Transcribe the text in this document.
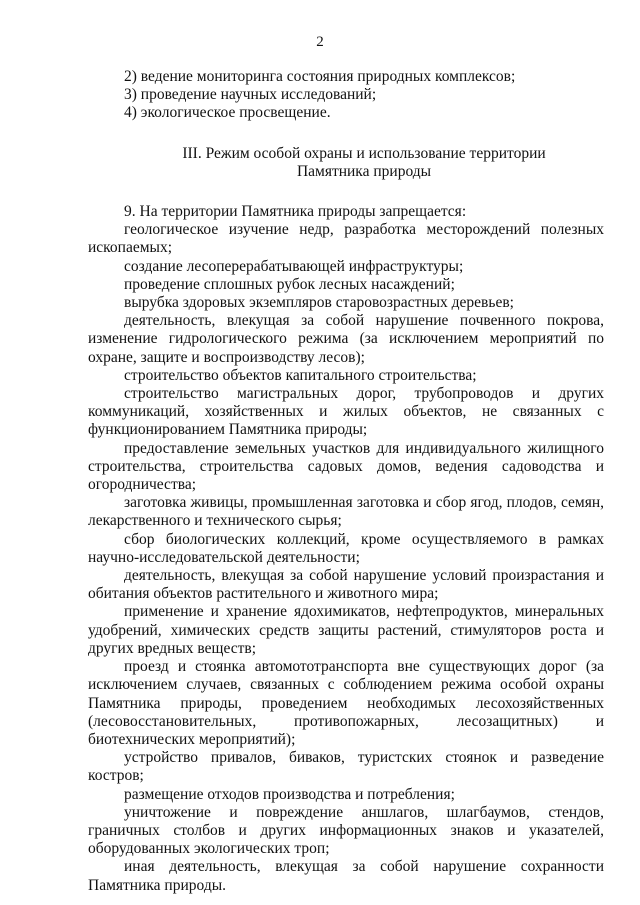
2

2) ведение мониторинга состояния природных комплексов;

3) проведение научных исследований;

4) экологическое просвещение.

III. Режим особой охраны и использование территории
Памятника природы

9. На территории Памятника природы запрещается:

геологическое изучение недр, разработка месторождений полезных ископаемых;

создание лесоперерабатывающей инфраструктуры;

проведение сплошных рубок лесных насаждений;

вырубка здоровых экземпляров старовозрастных деревьев;

деятельность, влекущая за собой нарушение почвенного покрова, изменение гидрологического режима (за исключением мероприятий по охране, защите и воспроизводству лесов);

строительство объектов капитального строительства;

строительство магистральных дорог, трубопроводов и других коммуникаций, хозяйственных и жилых объектов, не связанных с функционированием Памятника природы;

предоставление земельных участков для индивидуального жилищного строительства, строительства садовых домов, ведения садоводства и огородничества;

заготовка живицы, промышленная заготовка и сбор ягод, плодов, семян, лекарственного и технического сырья;

сбор биологических коллекций, кроме осуществляемого в рамках научно-исследовательской деятельности;

деятельность, влекущая за собой нарушение условий произрастания и обитания объектов растительного и животного мира;

применение и хранение ядохимикатов, нефтепродуктов, минеральных удобрений, химических средств защиты растений, стимуляторов роста и других вредных веществ;

проезд и стоянка автомототранспорта вне существующих дорог (за исключением случаев, связанных с соблюдением режима особой охраны Памятника природы, проведением необходимых лесохозяйственных (лесовосстановительных, противопожарных, лесозащитных) и биотехнических мероприятий);

устройство привалов, биваков, туристских стоянок и разведение костров;

размещение отходов производства и потребления;

уничтожение и повреждение аншлагов, шлагбаумов, стендов, граничных столбов и других информационных знаков и указателей, оборудованных экологических троп;

иная деятельность, влекущая за собой нарушение сохранности Памятника природы.
